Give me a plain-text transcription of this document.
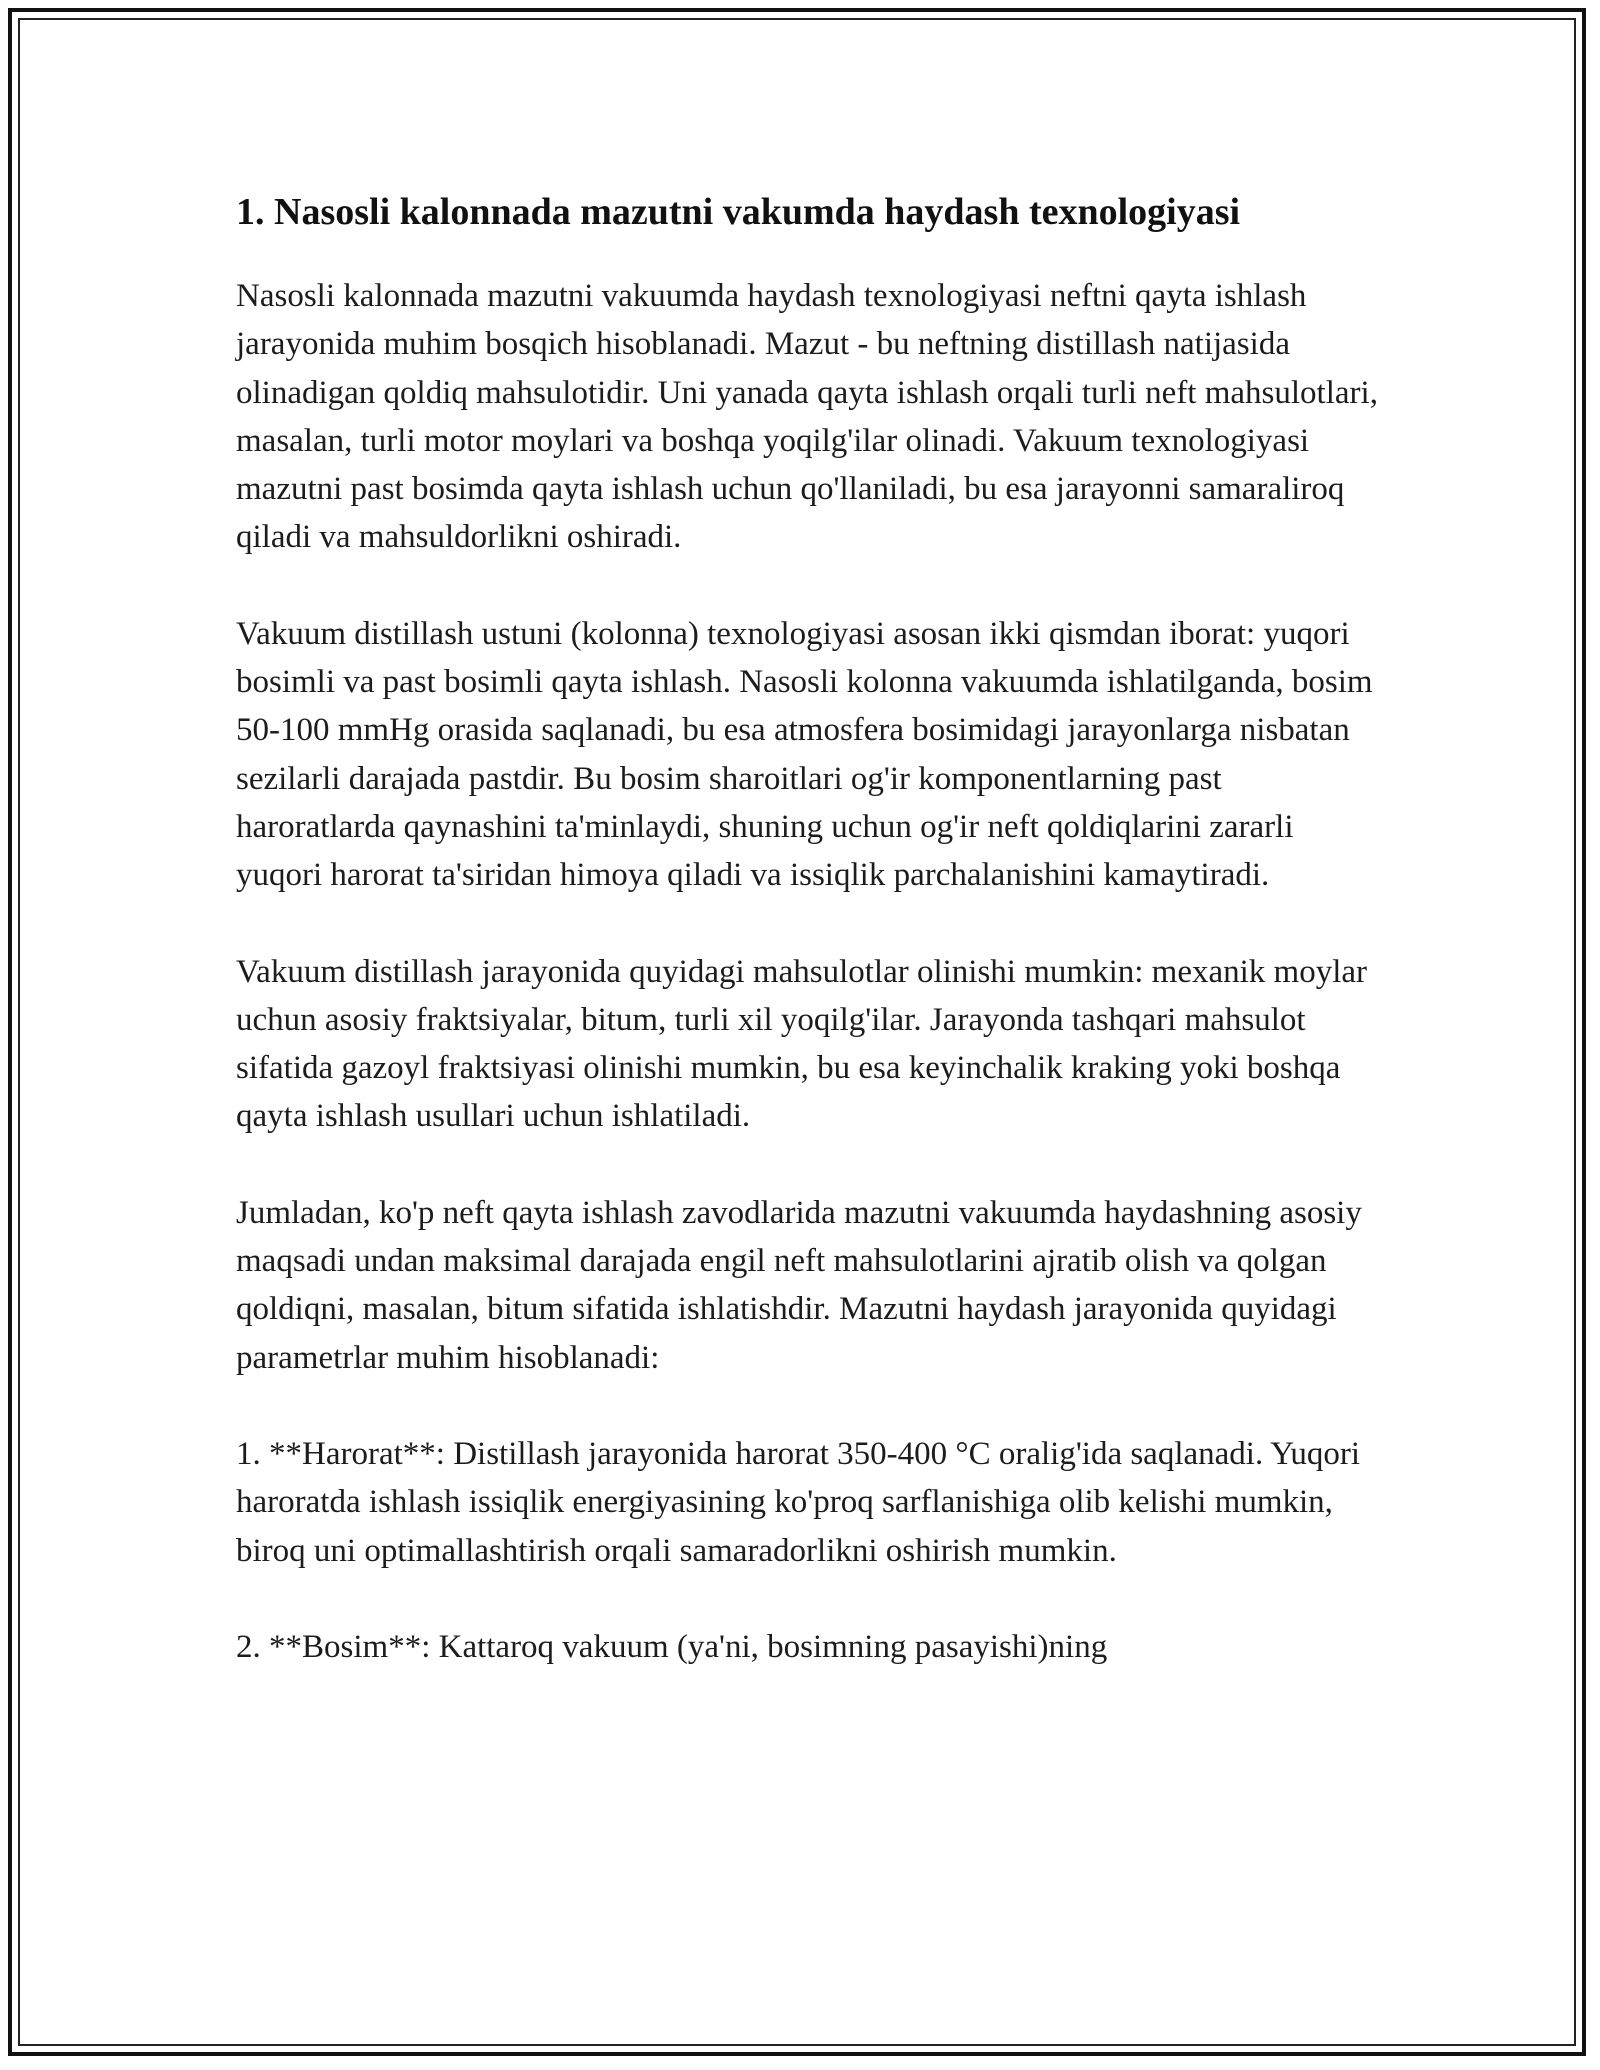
1. Nasosli kalonnada mazutni vakumda haydash texnologiyasi

Nasosli kalonnada mazutni vakuumda haydash texnologiyasi neftni qayta ishlash jarayonida muhim bosqich hisoblanadi. Mazut - bu neftning distillash natijasida olinadigan qoldiq mahsulotidir. Uni yanada qayta ishlash orqali turli neft mahsulotlari, masalan, turli motor moylari va boshqa yoqilg'ilar olinadi. Vakuum texnologiyasi mazutni past bosimda qayta ishlash uchun qo'llaniladi, bu esa jarayonni samaraliroq qiladi va mahsuldorlikni oshiradi.

Vakuum distillash ustuni (kolonna) texnologiyasi asosan ikki qismdan iborat: yuqori bosimli va past bosimli qayta ishlash. Nasosli kolonna vakuumda ishlatilganda, bosim 50-100 mmHg orasida saqlanadi, bu esa atmosfera bosimidagi jarayonlarga nisbatan sezilarli darajada pastdir. Bu bosim sharoitlari og'ir komponentlarning past haroratlarda qaynashini ta'minlaydi, shuning uchun og'ir neft qoldiqlarini zararli yuqori harorat ta'siridan himoya qiladi va issiqlik parchalanishini kamaytiradi.

Vakuum distillash jarayonida quyidagi mahsulotlar olinishi mumkin: mexanik moylar uchun asosiy fraktsiyalar, bitum, turli xil yoqilg'ilar. Jarayonda tashqari mahsulot sifatida gazoyl fraktsiyasi olinishi mumkin, bu esa keyinchalik kraking yoki boshqa qayta ishlash usullari uchun ishlatiladi.

Jumladan, ko'p neft qayta ishlash zavodlarida mazutni vakuumda haydashning asosiy maqsadi undan maksimal darajada engil neft mahsulotlarini ajratib olish va qolgan qoldiqni, masalan, bitum sifatida ishlatishdir. Mazutni haydash jarayonida quyidagi parametrlar muhim hisoblanadi:

1. **Harorat**: Distillash jarayonida harorat 350-400 °C oralig'ida saqlanadi. Yuqori haroratda ishlash issiqlik energiyasining ko'proq sarflanishiga olib kelishi mumkin, biroq uni optimallashtirish orqali samaradorlikni oshirish mumkin.

2. **Bosim**: Kattaroq vakuum (ya'ni, bosimning pasayishi)ning
